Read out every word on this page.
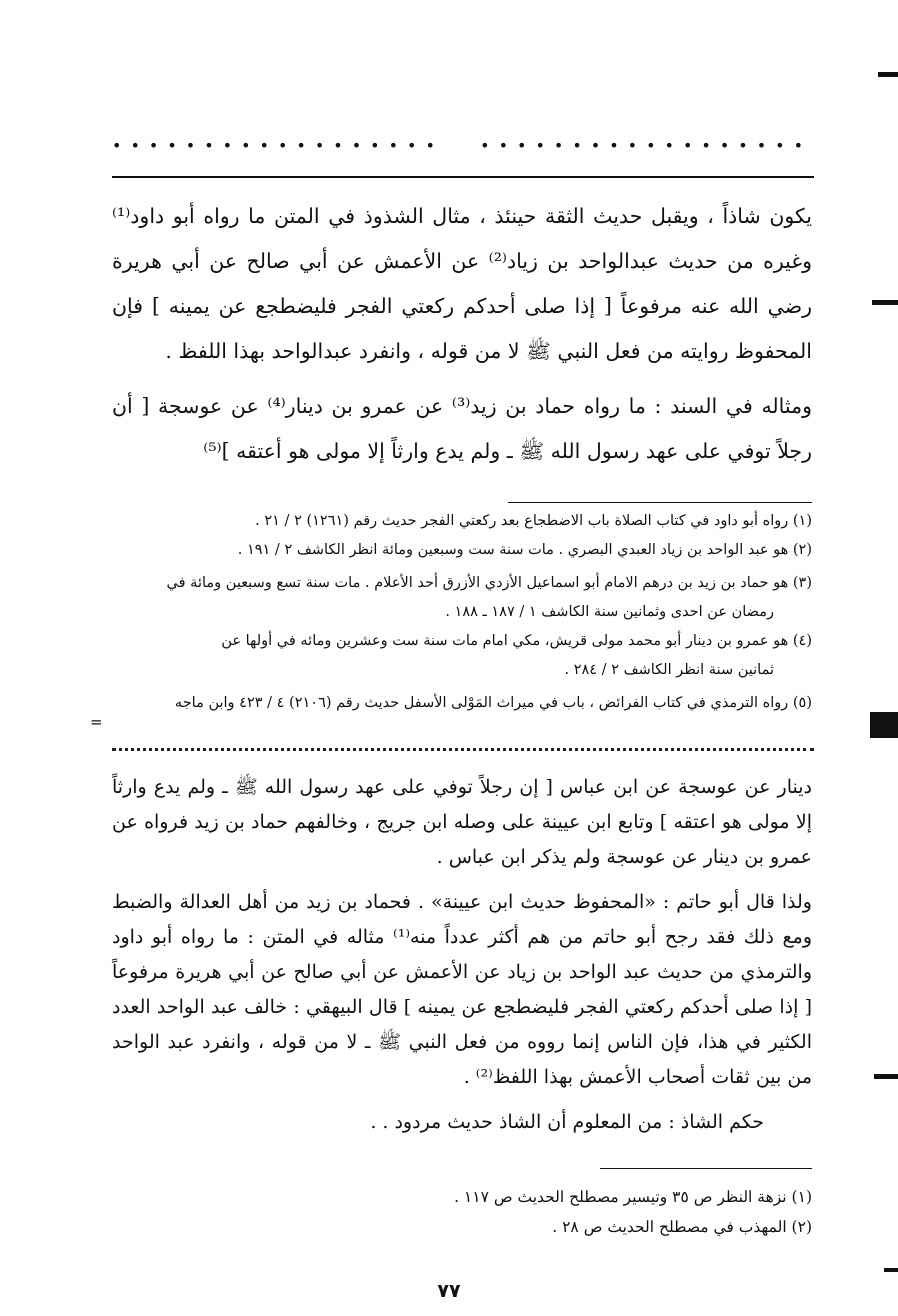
••••••••••••••••••
••••••••••••••••••

يكون شاذاً ، ويقبل حديث الثقة حينئذ ، مثال الشذوذ في المتن ما رواه أبو داود⁽¹⁾ وغيره من حديث عبدالواحد بن زياد⁽²⁾ عن الأعمش عن أبي صالح عن أبي هريرة رضي الله عنه مرفوعاً [ إذا صلى أحدكم ركعتي الفجر فليضطجع عن يمينه ] فإن المحفوظ روايته من فعل النبي ﷺ لا من قوله ، وانفرد عبدالواحد بهذا اللفظ .

ومثاله في السند : ما رواه حماد بن زيد⁽³⁾ عن عمرو بن دينار⁽⁴⁾ عن عوسجة [ أن رجلاً توفي على عهد رسول الله ﷺ ـ ولم يدع وارثاً إلا مولى هو أعتقه ]⁽⁵⁾

(١) رواه أبو داود في كتاب الصلاة باب الاضطجاع بعد ركعتي الفجر حديث رقم (١٢٦١) ٢ / ٢١ .

(٢) هو عبد الواحد بن زياد العبدي البصري . مات سنة ست وسبعين ومائة انظر الكاشف ٢ / ١٩١ .

(٣) هو حماد بن زيد بن درهم الامام أبو اسماعيل الأزدي الأزرق أحد الأعلام . مات سنة تسع وسبعين ومائة في

رمضان عن احدى وثمانين سنة الكاشف ١ / ١٨٧ ـ ١٨٨ .

(٤) هو عمرو بن دينار أبو محمد مولى قريش، مكي امام مات سنة ست وعشرين ومائه في أولها عن

ثمانين سنة انظر الكاشف ٢ / ٢٨٤ .

(٥) رواه الترمذي في كتاب الفرائض ، باب في ميراث المَوْلى الأسفل حديث رقم (٢١٠٦) ٤ / ٤٢٣ وابن ماجه

=

دينار عن عوسجة عن ابن عباس [ إن رجلاً توفي على عهد رسول الله ﷺ ـ ولم يدع وارثاً إلا مولى هو اعتقه ] وتابع ابن عيينة على وصله ابن جريج ، وخالفهم حماد بن زيد فرواه عن عمرو بن دينار عن عوسجة ولم يذكر ابن عباس .

ولذا قال أبو حاتم : «المحفوظ حديث ابن عيينة» . فحماد بن زيد من أهل العدالة والضبط ومع ذلك فقد رجح أبو حاتم من هم أكثر عدداً منه⁽¹⁾ مثاله في المتن : ما رواه أبو داود والترمذي من حديث عبد الواحد بن زياد عن الأعمش عن أبي صالح عن أبي هريرة مرفوعاً [ إذا صلى أحدكم ركعتي الفجر فليضطجع عن يمينه ] قال البيهقي : خالف عبد الواحد العدد الكثير في هذا، فإن الناس إنما رووه من فعل النبي ﷺ ـ لا من قوله ، وانفرد عبد الواحد من بين ثقات أصحاب الأعمش بهذا اللفظ⁽²⁾ .

حكم الشاذ : من المعلوم أن الشاذ حديث مردود . .

(١) نزهة النظر ص ٣٥ وتيسير مصطلح الحديث ص ١١٧ .

(٢) المهذب في مصطلح الحديث ص ٢٨ .

٧٧
